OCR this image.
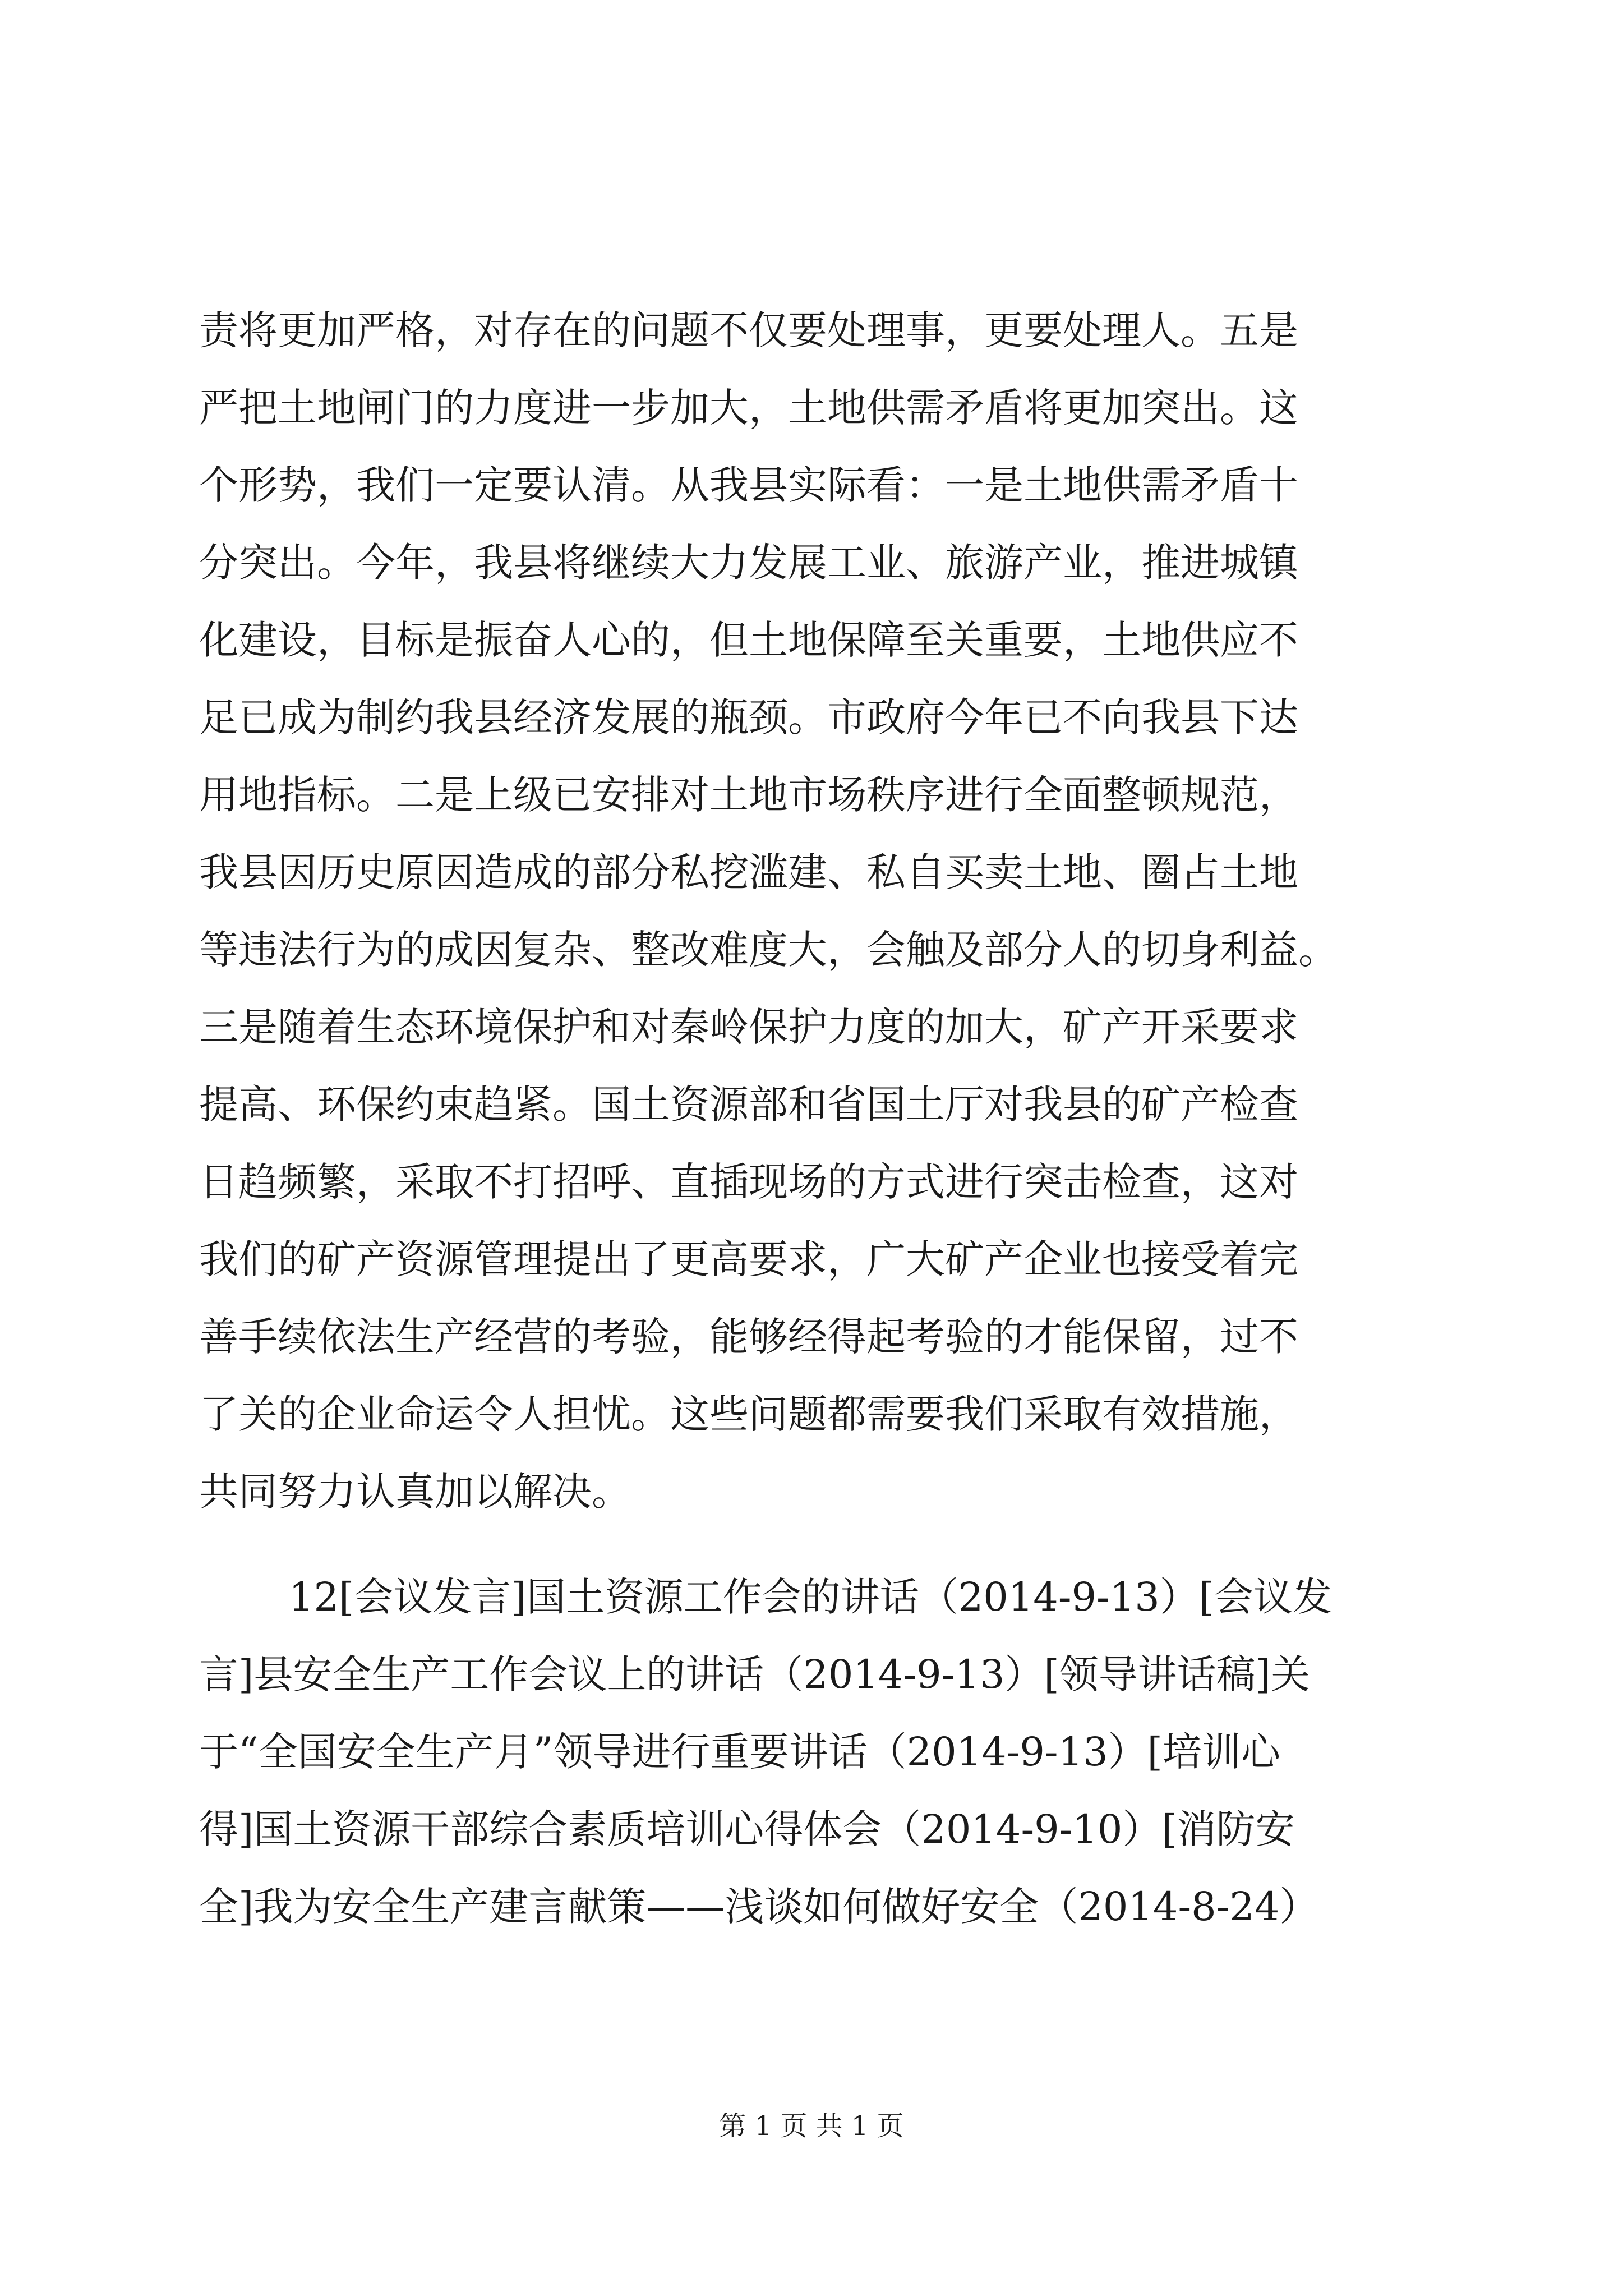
责将更加严格，对存在的问题不仅要处理事，更要处理人。五是
严把土地闸门的力度进一步加大，土地供需矛盾将更加突出。这
个形势，我们一定要认清。从我县实际看：一是土地供需矛盾十
分突出。今年，我县将继续大力发展工业、旅游产业，推进城镇
化建设，目标是振奋人心的，但土地保障至关重要，土地供应不
足已成为制约我县经济发展的瓶颈。市政府今年已不向我县下达
用地指标。二是上级已安排对土地市场秩序进行全面整顿规范，
我县因历史原因造成的部分私挖滥建、私自买卖土地、圈占土地
等违法行为的成因复杂、整改难度大，会触及部分人的切身利益。
三是随着生态环境保护和对秦岭保护力度的加大，矿产开采要求
提高、环保约束趋紧。国土资源部和省国土厅对我县的矿产检查
日趋频繁，采取不打招呼、直插现场的方式进行突击检查，这对
我们的矿产资源管理提出了更高要求，广大矿产企业也接受着完
善手续依法生产经营的考验，能够经得起考验的才能保留，过不
了关的企业命运令人担忧。这些问题都需要我们采取有效措施，
共同努力认真加以解决。
12[会议发言]国土资源工作会的讲话（2014-9-13）[会议发
言]县安全生产工作会议上的讲话（2014-9-13）[领导讲话稿]关
于“全国安全生产月”领导进行重要讲话（2014-9-13）[培训心
得]国土资源干部综合素质培训心得体会（2014-9-10）[消防安
全]我为安全生产建言献策——浅谈如何做好安全（2014-8-24）
第 1 页 共 1 页
